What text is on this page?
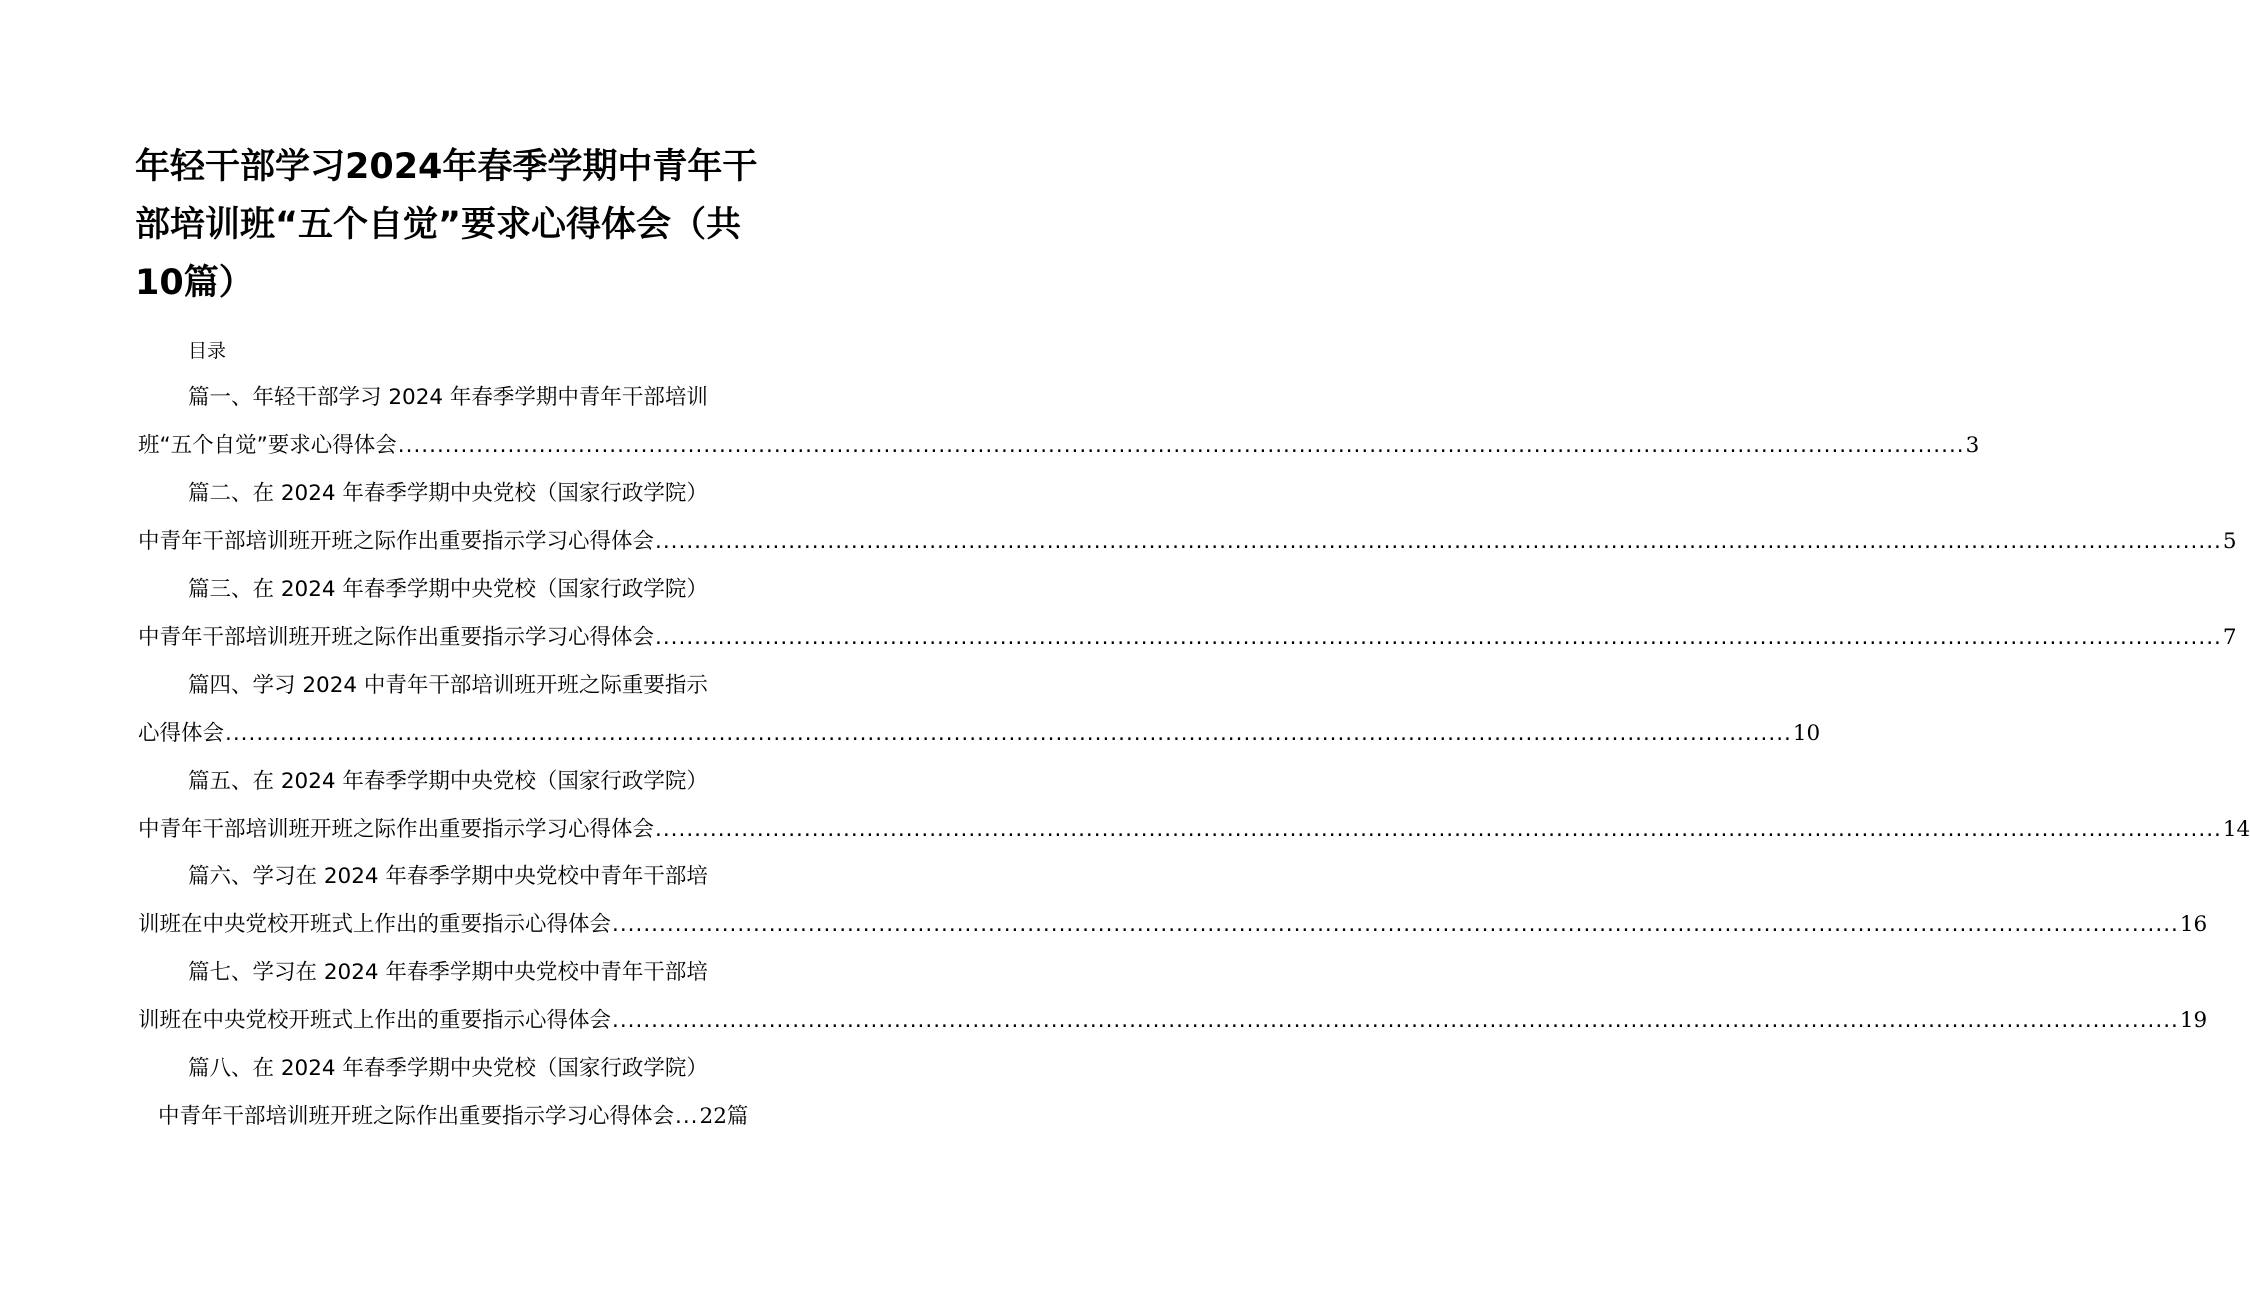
年轻干部学习2024年春季学期中青年干部培训班“五个自觉”要求心得体会（共10篇）
目录
篇一、年轻干部学习 2024 年春季学期中青年干部培训
班“五个自觉”要求心得体会 ........................................................................................................................................................................................................ 3
篇二、在 2024 年春季学期中央党校（国家行政学院）
中青年干部培训班开班之际作出重要指示学习心得体会 ........................................................................................................................................................................................................ 5
篇三、在 2024 年春季学期中央党校（国家行政学院）
中青年干部培训班开班之际作出重要指示学习心得体会 ........................................................................................................................................................................................................ 7
篇四、学习 2024 中青年干部培训班开班之际重要指示
心得体会 ........................................................................................................................................................................................................ 10
篇五、在 2024 年春季学期中央党校（国家行政学院）
中青年干部培训班开班之际作出重要指示学习心得体会 ........................................................................................................................................................................................................ 14
篇六、学习在 2024 年春季学期中央党校中青年干部培
训班在中央党校开班式上作出的重要指示心得体会 ........................................................................................................................................................................................................ 16
篇七、学习在 2024 年春季学期中央党校中青年干部培
训班在中央党校开班式上作出的重要指示心得体会 ........................................................................................................................................................................................................ 19
篇八、在 2024 年春季学期中央党校（国家行政学院）
中青年干部培训班开班之际作出重要指示学习心得体会 ... 22 篇
